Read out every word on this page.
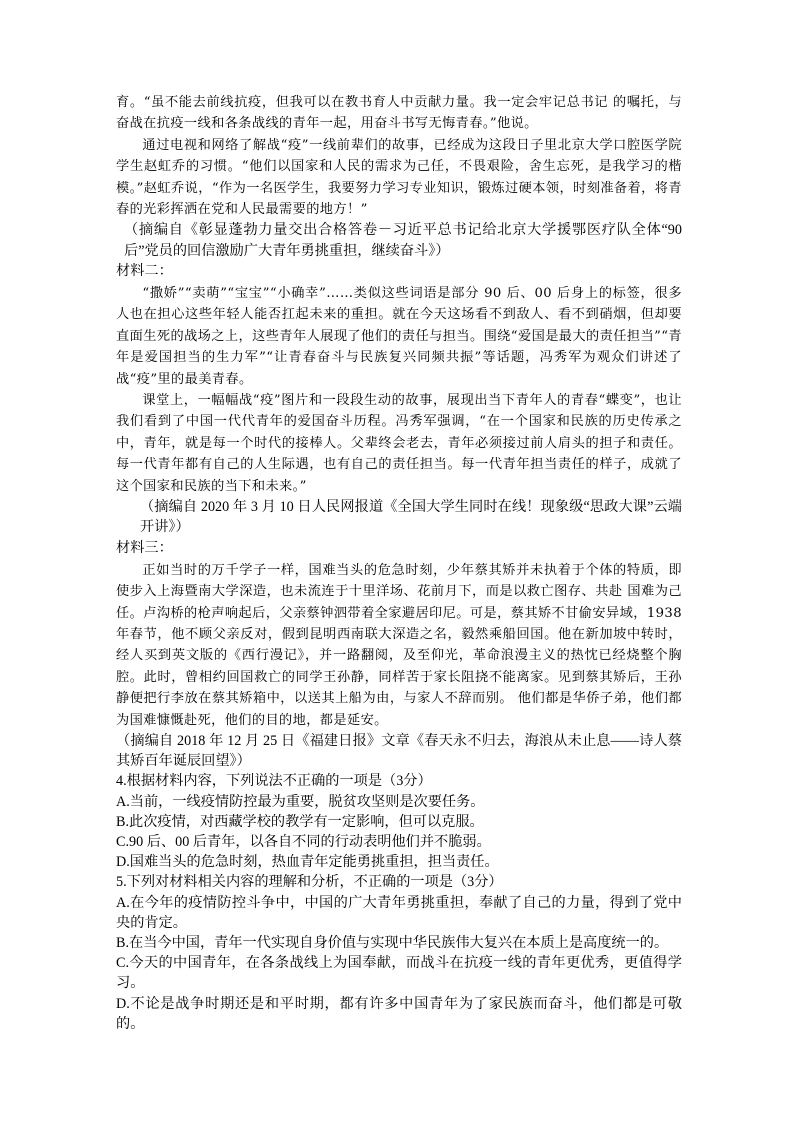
育。“虽不能去前线抗疫，但我可以在教书育人中贡献力量。我一定会牢记总书记 的嘱托，与奋战在抗疫一线和各条战线的青年一起，用奋斗书写无悔青春。”他说。

通过电视和网络了解战“疫”一线前辈们的故事，已经成为这段日子里北京大学口腔医学院学生赵虹乔的习惯。“他们以国家和人民的需求为己任，不畏艰险，舍生忘死，是我学习的楷模。”赵虹乔说，“作为一名医学生，我要努力学习专业知识，锻炼过硬本领，时刻准备着，将青春的光彩挥洒在党和人民最需要的地方！”

（摘编自《彰显蓬勃力量交出合格答卷－习近平总书记给北京大学援鄂医疗队全体“90 后”党员的回信激励广大青年勇挑重担，继续奋斗》）

材料二：

“撒娇”“卖萌”“宝宝”“小确幸”……类似这些词语是部分 90 后、00 后身上的标签，很多人也在担心这些年轻人能否扛起未来的重担。就在今天这场看不到敌人、看不到硝烟，但却要直面生死的战场之上，这些青年人展现了他们的责任与担当。围绕“爱国是最大的责任担当”“青年是爱国担当的生力军”“让青春奋斗与民族复兴同频共振”等话题，冯秀军为观众们讲述了战“疫”里的最美青春。

课堂上，一幅幅战“疫”图片和一段段生动的故事，展现出当下青年人的青春“蝶变”，也让我们看到了中国一代代青年的爱国奋斗历程。冯秀军强调，“在一个国家和民族的历史传承之中，青年，就是每一个时代的接棒人。父辈终会老去，青年必须接过前人肩头的担子和责任。每一代青年都有自己的人生际遇，也有自己的责任担当。每一代青年担当责任的样子，成就了这个国家和民族的当下和未来。”

（摘编自 2020 年 3 月 10 日人民网报道《全国大学生同时在线！现象级“思政大课”云端开讲》）

材料三：

正如当时的万千学子一样，国难当头的危急时刻，少年蔡其矫并未执着于个体的特质，即使步入上海暨南大学深造，也未流连于十里洋场、花前月下，而是以救亡图存、共赴 国难为己任。卢沟桥的枪声响起后，父亲蔡钟泗带着全家避居印尼。可是，蔡其矫不甘偷安异域，1938 年春节，他不顾父亲反对，假到昆明西南联大深造之名，毅然乘船回国。他在新加坡中转时，经人买到英文版的《西行漫记》，并一路翻阅，及至仰光，革命浪漫主义的热忱已经烧整个胸腔。此时，曾相约回国救亡的同学王孙静，同样苦于家长阻挠不能离家。见到蔡其矫后，王孙静便把行李放在蔡其矫箱中，以送其上船为由，与家人不辞而别。 他们都是华侨子弟，他们都为国难慷慨赴死，他们的目的地，都是延安。

（摘编自 2018 年 12 月 25 日《福建日报》文章《春天永不归去，海浪从未止息——诗人蔡其矫百年诞辰回望》）

4.根据材料内容，下列说法不正确的一项是（3分）

A.当前，一线疫情防控最为重要，脱贫攻坚则是次要任务。

B.此次疫情，对西藏学校的教学有一定影响，但可以克服。

C.90 后、00 后青年，以各自不同的行动表明他们并不脆弱。

D.国难当头的危急时刻，热血青年定能勇挑重担，担当责任。

5.下列对材料相关内容的理解和分析，不正确的一项是（3分）

A.在今年的疫情防控斗争中，中国的广大青年勇挑重担，奉献了自己的力量，得到了党中 央的肯定。

B.在当今中国，青年一代实现自身价值与实现中华民族伟大复兴在本质上是高度统一的。

C.今天的中国青年，在各条战线上为国奉献，而战斗在抗疫一线的青年更优秀，更值得学习。

D.不论是战争时期还是和平时期，都有许多中国青年为了家民族而奋斗，他们都是可敬的。
